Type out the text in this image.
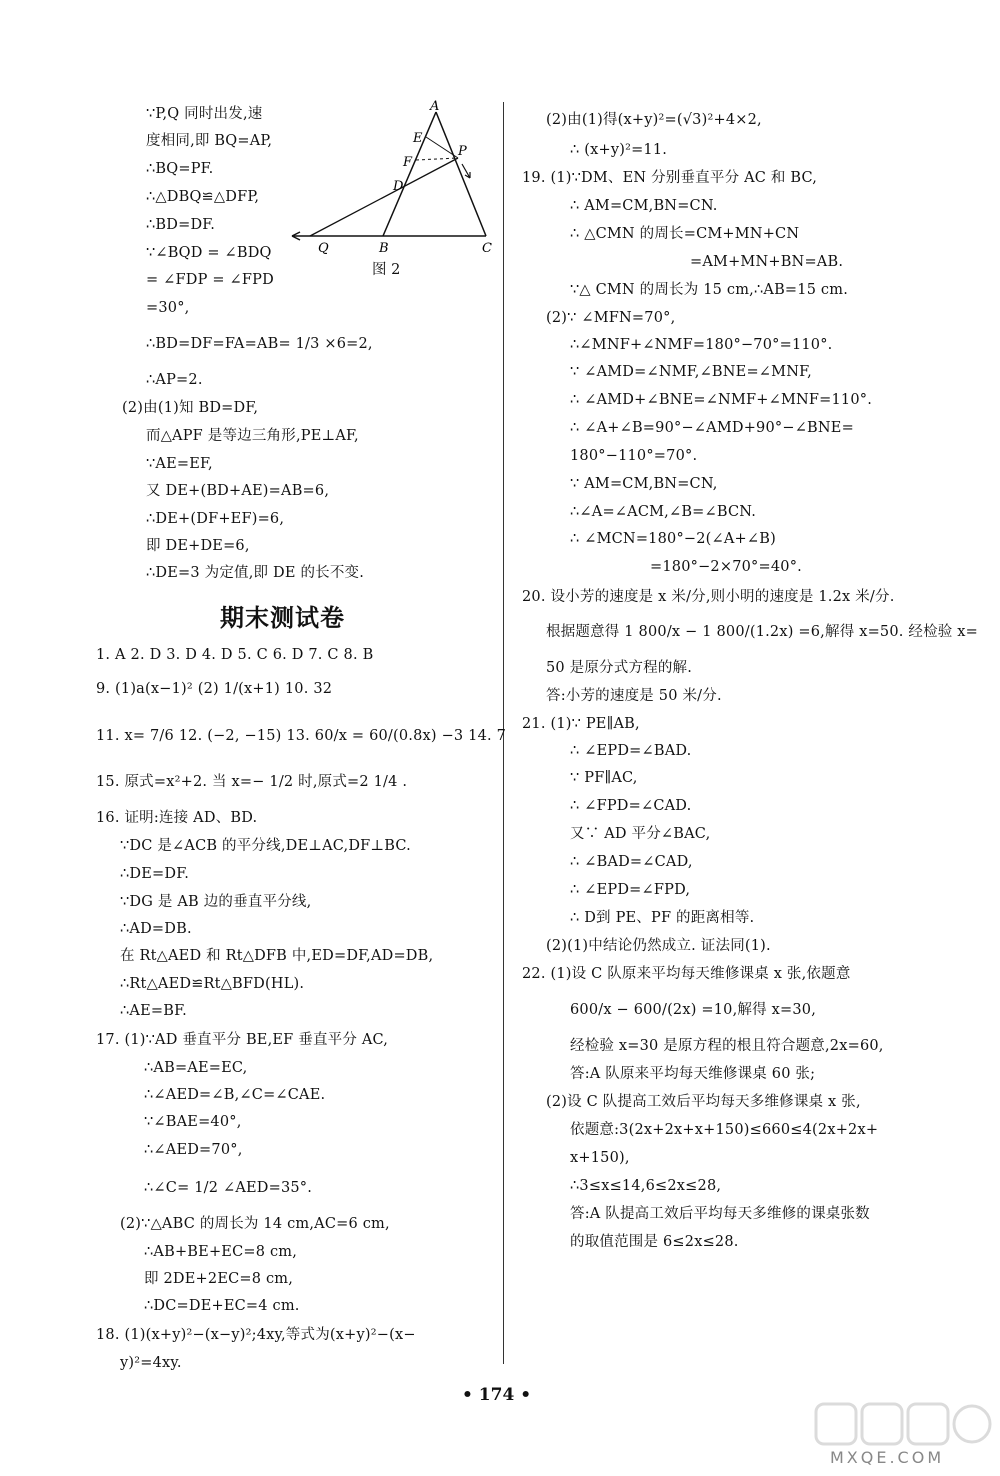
A
E
F
P
D
Q	B	C
图 2
期末测试卷
∵P,Q 同时出发,速
度相同,即 BQ=AP,
∴BQ=PF.
∴△DBQ≌△DFP,
∴BD=DF.
∵∠BQD = ∠BDQ
= ∠FDP = ∠FPD
=30°,
∴BD=DF=FA=AB= 1/3 ×6=2,
∴AP=2.
(2)由(1)知 BD=DF,
而△APF 是等边三角形,PE⊥AF,
∵AE=EF,
又 DE+(BD+AE)=AB=6,
∴DE+(DF+EF)=6,
即 DE+DE=6,
∴DE=3 为定值,即 DE 的长不变.
1. A 2. D 3. D 4. D 5. C 6. D 7. C 8. B
9. (1)a(x−1)² (2) 1/(x+1) 10. 32
11. x= 7/6 12. (−2, −15) 13. 60/x = 60/(0.8x) −3 14. 7
15. 原式=x²+2. 当 x=− 1/2 时,原式=2 1/4 .
16. 证明:连接 AD、BD.
∵DC 是∠ACB 的平分线,DE⊥AC,DF⊥BC.
∴DE=DF.
∵DG 是 AB 边的垂直平分线,
∴AD=DB.
在 Rt△AED 和 Rt△DFB 中,ED=DF,AD=DB,
∴Rt△AED≌Rt△BFD(HL).
∴AE=BF.
17. (1)∵AD 垂直平分 BE,EF 垂直平分 AC,
∴AB=AE=EC,
∴∠AED=∠B,∠C=∠CAE.
∵∠BAE=40°,
∴∠AED=70°,
∴∠C= 1/2 ∠AED=35°.
(2)∵△ABC 的周长为 14 cm,AC=6 cm,
∴AB+BE+EC=8 cm,
即 2DE+2EC=8 cm,
∴DC=DE+EC=4 cm.
18. (1)(x+y)²−(x−y)²;4xy,等式为(x+y)²−(x−
y)²=4xy.
(2)由(1)得(x+y)²=(√3)²+4×2,
∴ (x+y)²=11.
19. (1)∵DM、EN 分别垂直平分 AC 和 BC,
∴ AM=CM,BN=CN.
∴ △CMN 的周长=CM+MN+CN
=AM+MN+BN=AB.
∵△ CMN 的周长为 15 cm,∴AB=15 cm.
(2)∵ ∠MFN=70°,
∴∠MNF+∠NMF=180°−70°=110°.
∵ ∠AMD=∠NMF,∠BNE=∠MNF,
∴ ∠AMD+∠BNE=∠NMF+∠MNF=110°.
∴ ∠A+∠B=90°−∠AMD+90°−∠BNE=
180°−110°=70°.
∵ AM=CM,BN=CN,
∴∠A=∠ACM,∠B=∠BCN.
∴ ∠MCN=180°−2(∠A+∠B)
=180°−2×70°=40°.
20. 设小芳的速度是 x 米/分,则小明的速度是 1.2x 米/分.
根据题意得 1 800/x − 1 800/(1.2x) =6,解得 x=50. 经检验 x=
50 是原分式方程的解.
答:小芳的速度是 50 米/分.
21. (1)∵ PE∥AB,
∴ ∠EPD=∠BAD.
∵ PF∥AC,
∴ ∠FPD=∠CAD.
又∵ AD 平分∠BAC,
∴ ∠BAD=∠CAD,
∴ ∠EPD=∠FPD,
∴ D到 PE、PF 的距离相等.
(2)(1)中结论仍然成立. 证法同(1).
22. (1)设 C 队原来平均每天维修课桌 x 张,依题意
600/x − 600/(2x) =10,解得 x=30,
经检验 x=30 是原方程的根且符合题意,2x=60,
答:A 队原来平均每天维修课桌 60 张;
(2)设 C 队提高工效后平均每天多维修课桌 x 张,
依题意:3(2x+2x+x+150)≤660≤4(2x+2x+
x+150),
∴3≤x≤14,6≤2x≤28,
答:A 队提高工效后平均每天多维修的课桌张数
的取值范围是 6≤2x≤28.
• 174 •
MXQE.COM
